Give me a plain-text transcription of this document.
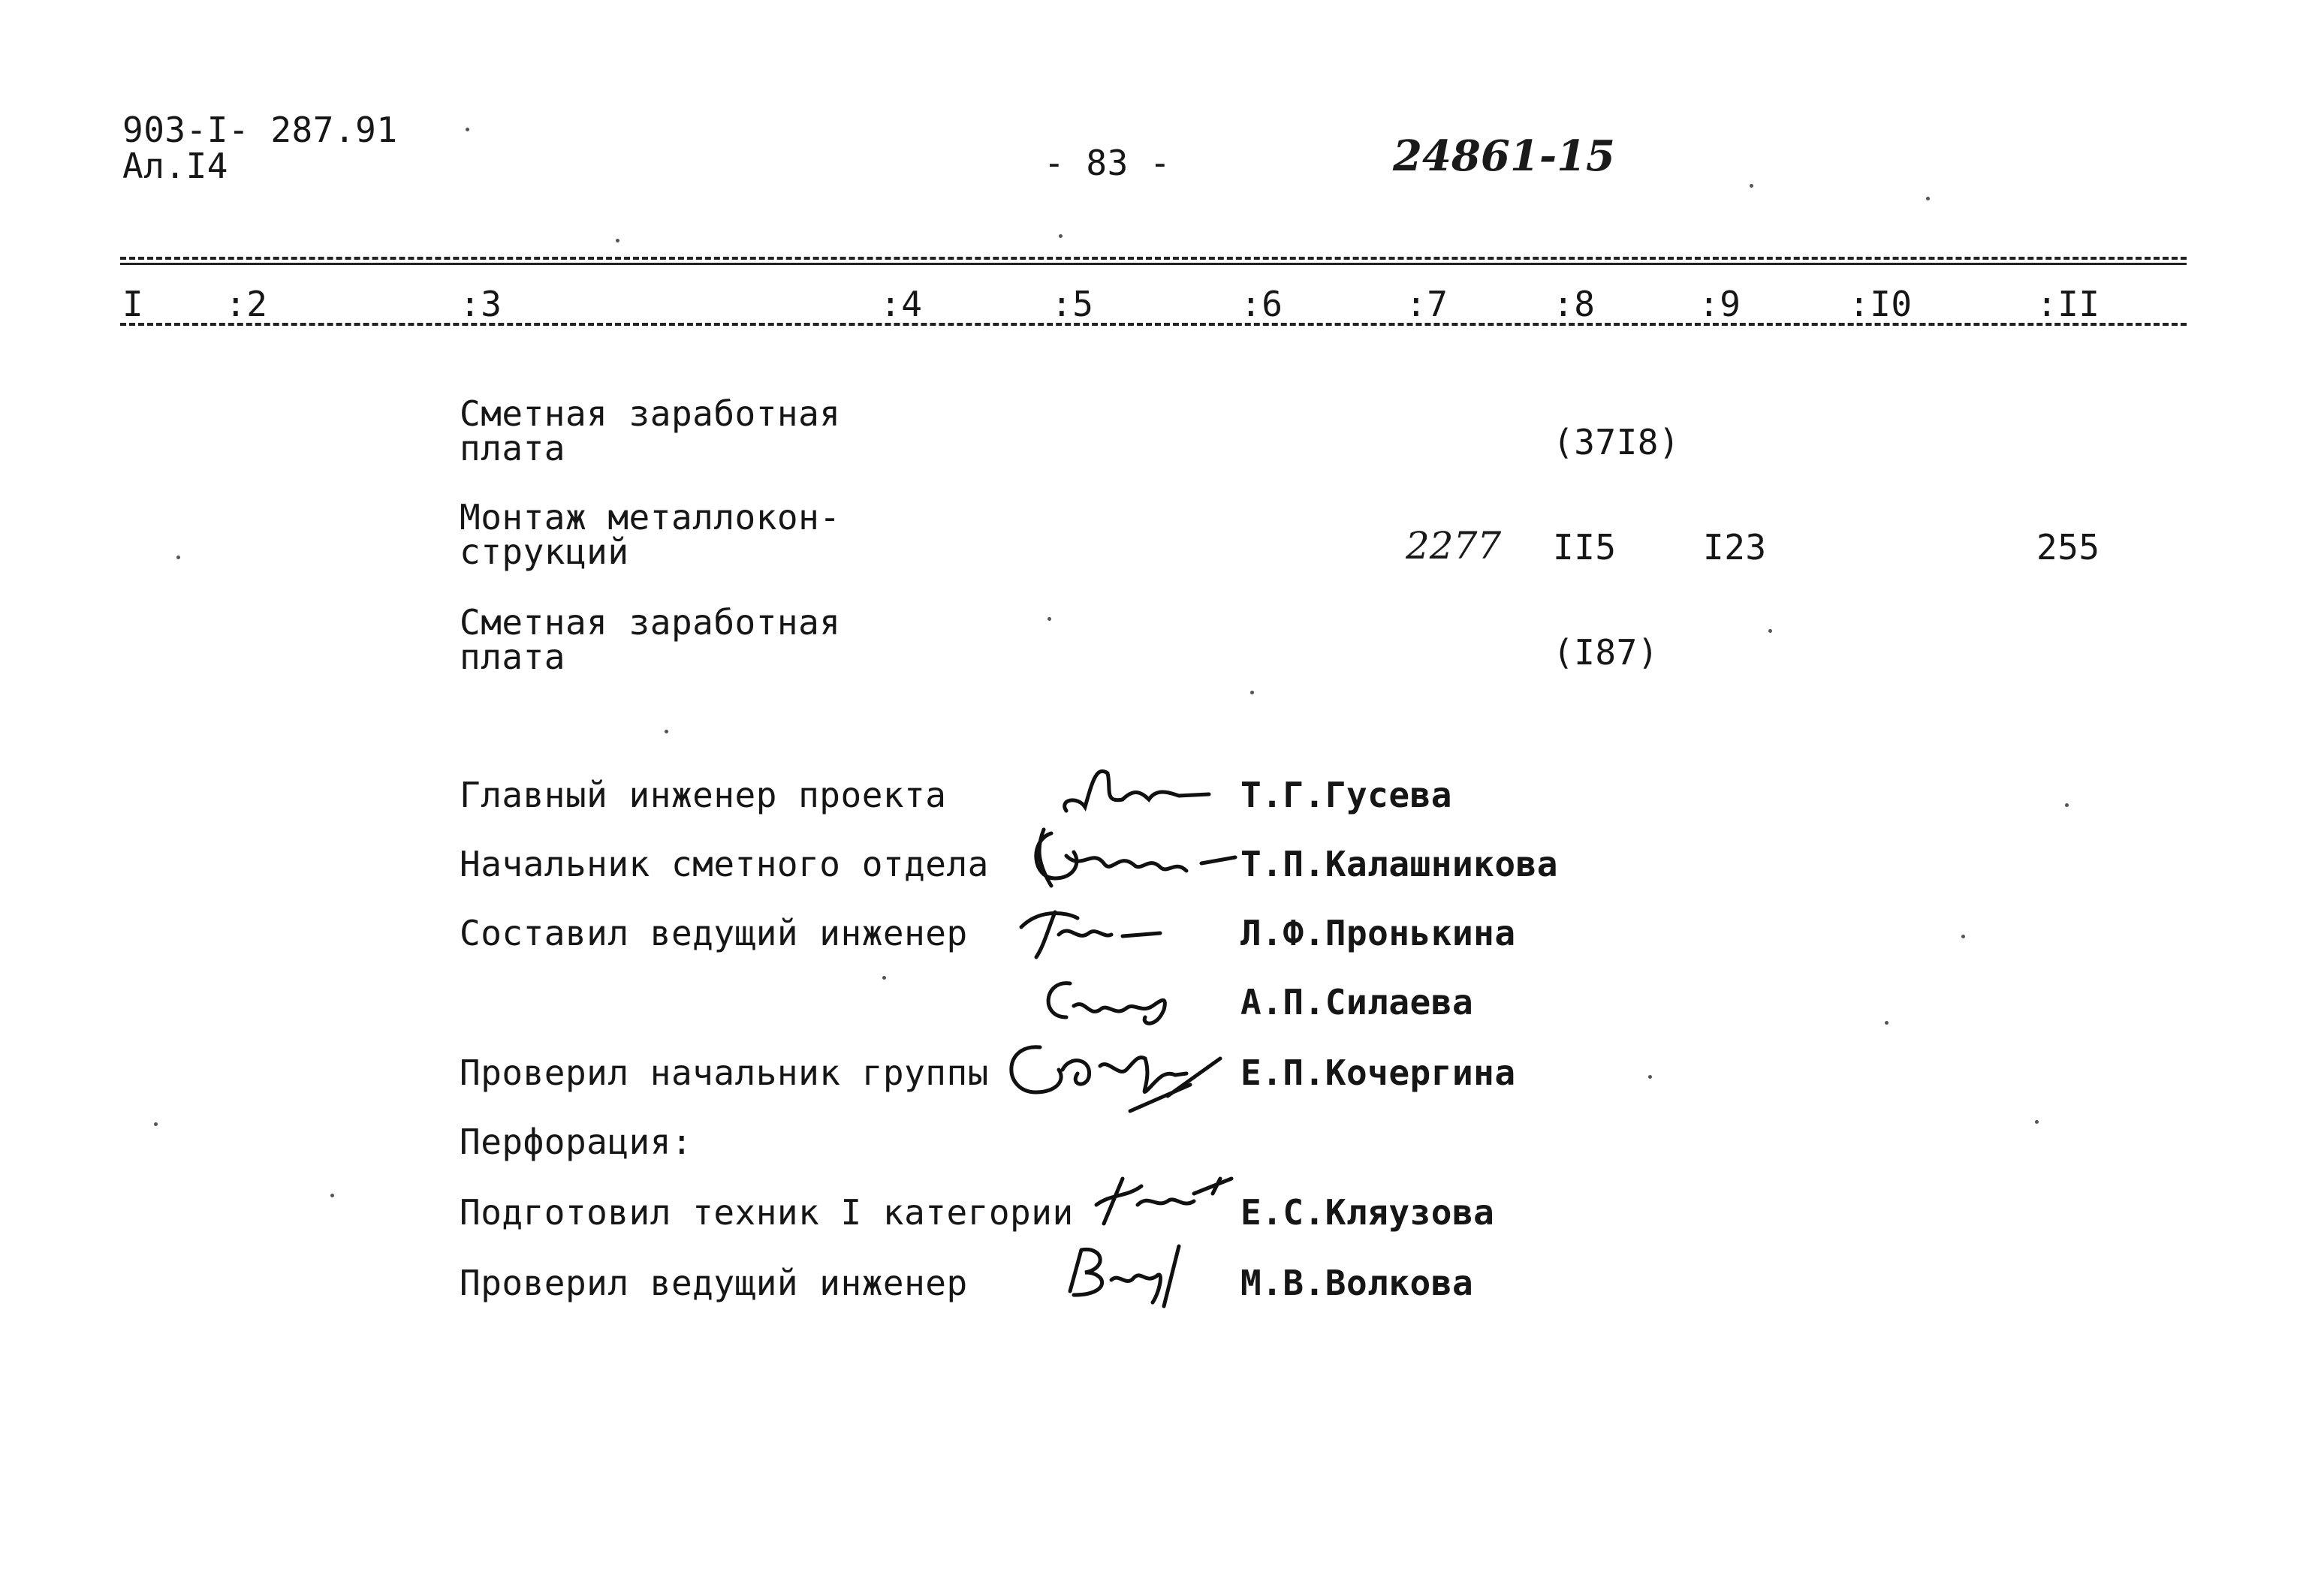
903-I- 287.91
Ал.I4	- 83 -	24861-15
I :2	:3	:4	:5	:6	:7	:8	:9	:I0	:II
Сметная заработная
плата	(37I8)
Монтаж металлокон-
струкций	2277 II5	I23	255
Сметная заработная
плата	(I87)
Главный инженер проекта	Т.Г.Гусева
Начальник сметного отдела	Т.П.Калашникова
Составил ведущий инженер	Л.Ф.Пронькина
А.П.Силаева
Проверил начальник группы	Е.П.Кочергина
Перфорация:
Подготовил техник I категории	Е.С.Кляузова
Проверил ведущий инженер	М.В.Волкова
